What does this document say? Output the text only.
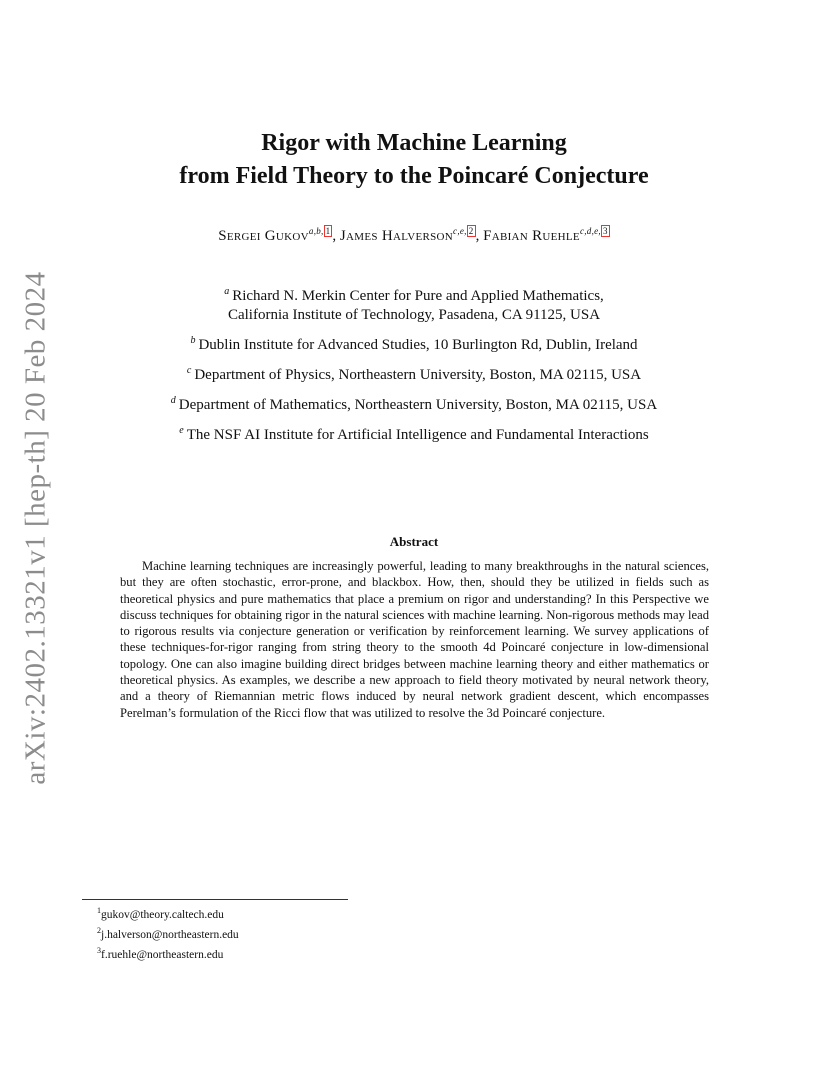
arXiv:2402.13321v1 [hep-th] 20 Feb 2024
Rigor with Machine Learning
from Field Theory to the Poincaré Conjecture
Sergei Gukov$^{a,b, 1}$ , James Halverson$^{c,e, 2}$ , Fabian Ruehle$^{c,d,e, 3}$
$^a$ Richard N. Merkin Center for Pure and Applied Mathematics,
California Institute of Technology, Pasadena, CA 91125, USA
$^b$ Dublin Institute for Advanced Studies, 10 Burlington Rd, Dublin, Ireland
$^c$ Department of Physics, Northeastern University, Boston, MA 02115, USA
$^d$ Department of Mathematics, Northeastern University, Boston, MA 02115, USA
$^e$ The NSF AI Institute for Artificial Intelligence and Fundamental Interactions
Abstract

Machine learning techniques are increasingly powerful, leading to many breakthroughs in the natural sciences, but they are often stochastic, error-prone, and blackbox. How, then, should they be utilized in fields such as theoretical physics and pure mathematics that place a premium on rigor and understanding? In this Perspective we discuss techniques for obtaining rigor in the natural sciences with machine learning. Non-rigorous methods may lead to rigorous results via conjecture generation or verification by reinforcement learning. We survey applications of these techniques-for-rigor ranging from string theory to the smooth 4d Poincaré conjecture in low-dimensional topology. One can also imagine building direct bridges between machine learning theory and either mathematics or theoretical physics. As examples, we describe a new approach to field theory motivated by neural network theory, and a theory of Riemannian metric flows induced by neural network gradient descent, which encompasses Perelman’s formulation of the Ricci flow that was utilized to resolve the 3d Poincaré conjecture.

$^1$gukov@theory.caltech.edu
$^2$j.halverson@northeastern.edu
$^3$f.ruehle@northeastern.edu
